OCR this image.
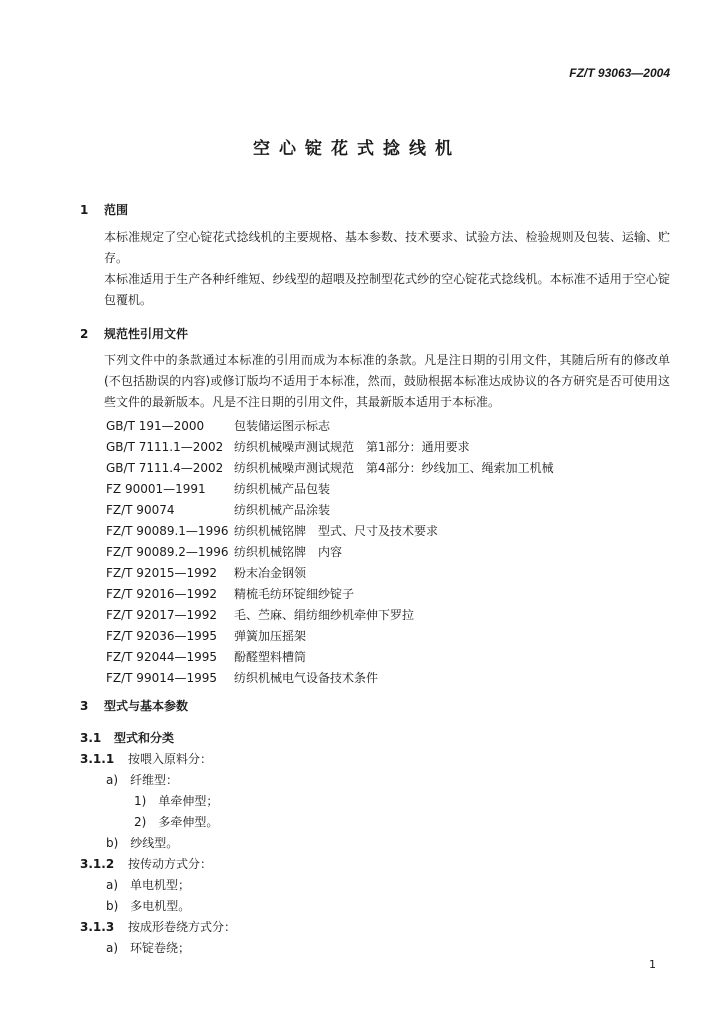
FZ/T 93063—2004
空心锭花式捻线机
1 范围
本标准规定了空心锭花式捻线机的主要规格、基本参数、技术要求、试验方法、检验规则及包装、运输、贮存。
本标准适用于生产各种纤维短、纱线型的超喂及控制型花式纱的空心锭花式捻线机。本标准不适用于空心锭包覆机。
2 规范性引用文件
下列文件中的条款通过本标准的引用而成为本标准的条款。凡是注日期的引用文件，其随后所有的修改单(不包括勘误的内容)或修订版均不适用于本标准，然而，鼓励根据本标准达成协议的各方研究是否可使用这些文件的最新版本。凡是不注日期的引用文件，其最新版本适用于本标准。
GB/T 191—2000 包装储运图示标志
GB/T 7111.1—2002 纺织机械噪声测试规范　第1部分：通用要求
GB/T 7111.4—2002 纺织机械噪声测试规范　第4部分：纱线加工、绳索加工机械
FZ 90001—1991 纺织机械产品包装
FZ/T 90074	纺织机械产品涂装
FZ/T 90089.1—1996 纺织机械铭牌　型式、尺寸及技术要求
FZ/T 90089.2—1996 纺织机械铭牌　内容
FZ/T 92015—1992 粉末冶金钢领
FZ/T 92016—1992 精梳毛纺环锭细纱锭子
FZ/T 92017—1992 毛、苎麻、绢纺细纱机牵伸下罗拉
FZ/T 92036—1995 弹簧加压摇架
FZ/T 92044—1995 酚醛塑料槽筒
FZ/T 99014—1995 纺织机械电气设备技术条件
3 型式与基本参数
3.1 型式和分类
3.1.1 按喂入原料分：
a)　纤维型：
1)　单牵伸型；
2)　多牵伸型。
b)　纱线型。
3.1.2 按传动方式分：
a)　单电机型；
b)　多电机型。
3.1.3 按成形卷绕方式分：
a)　环锭卷绕；
1
